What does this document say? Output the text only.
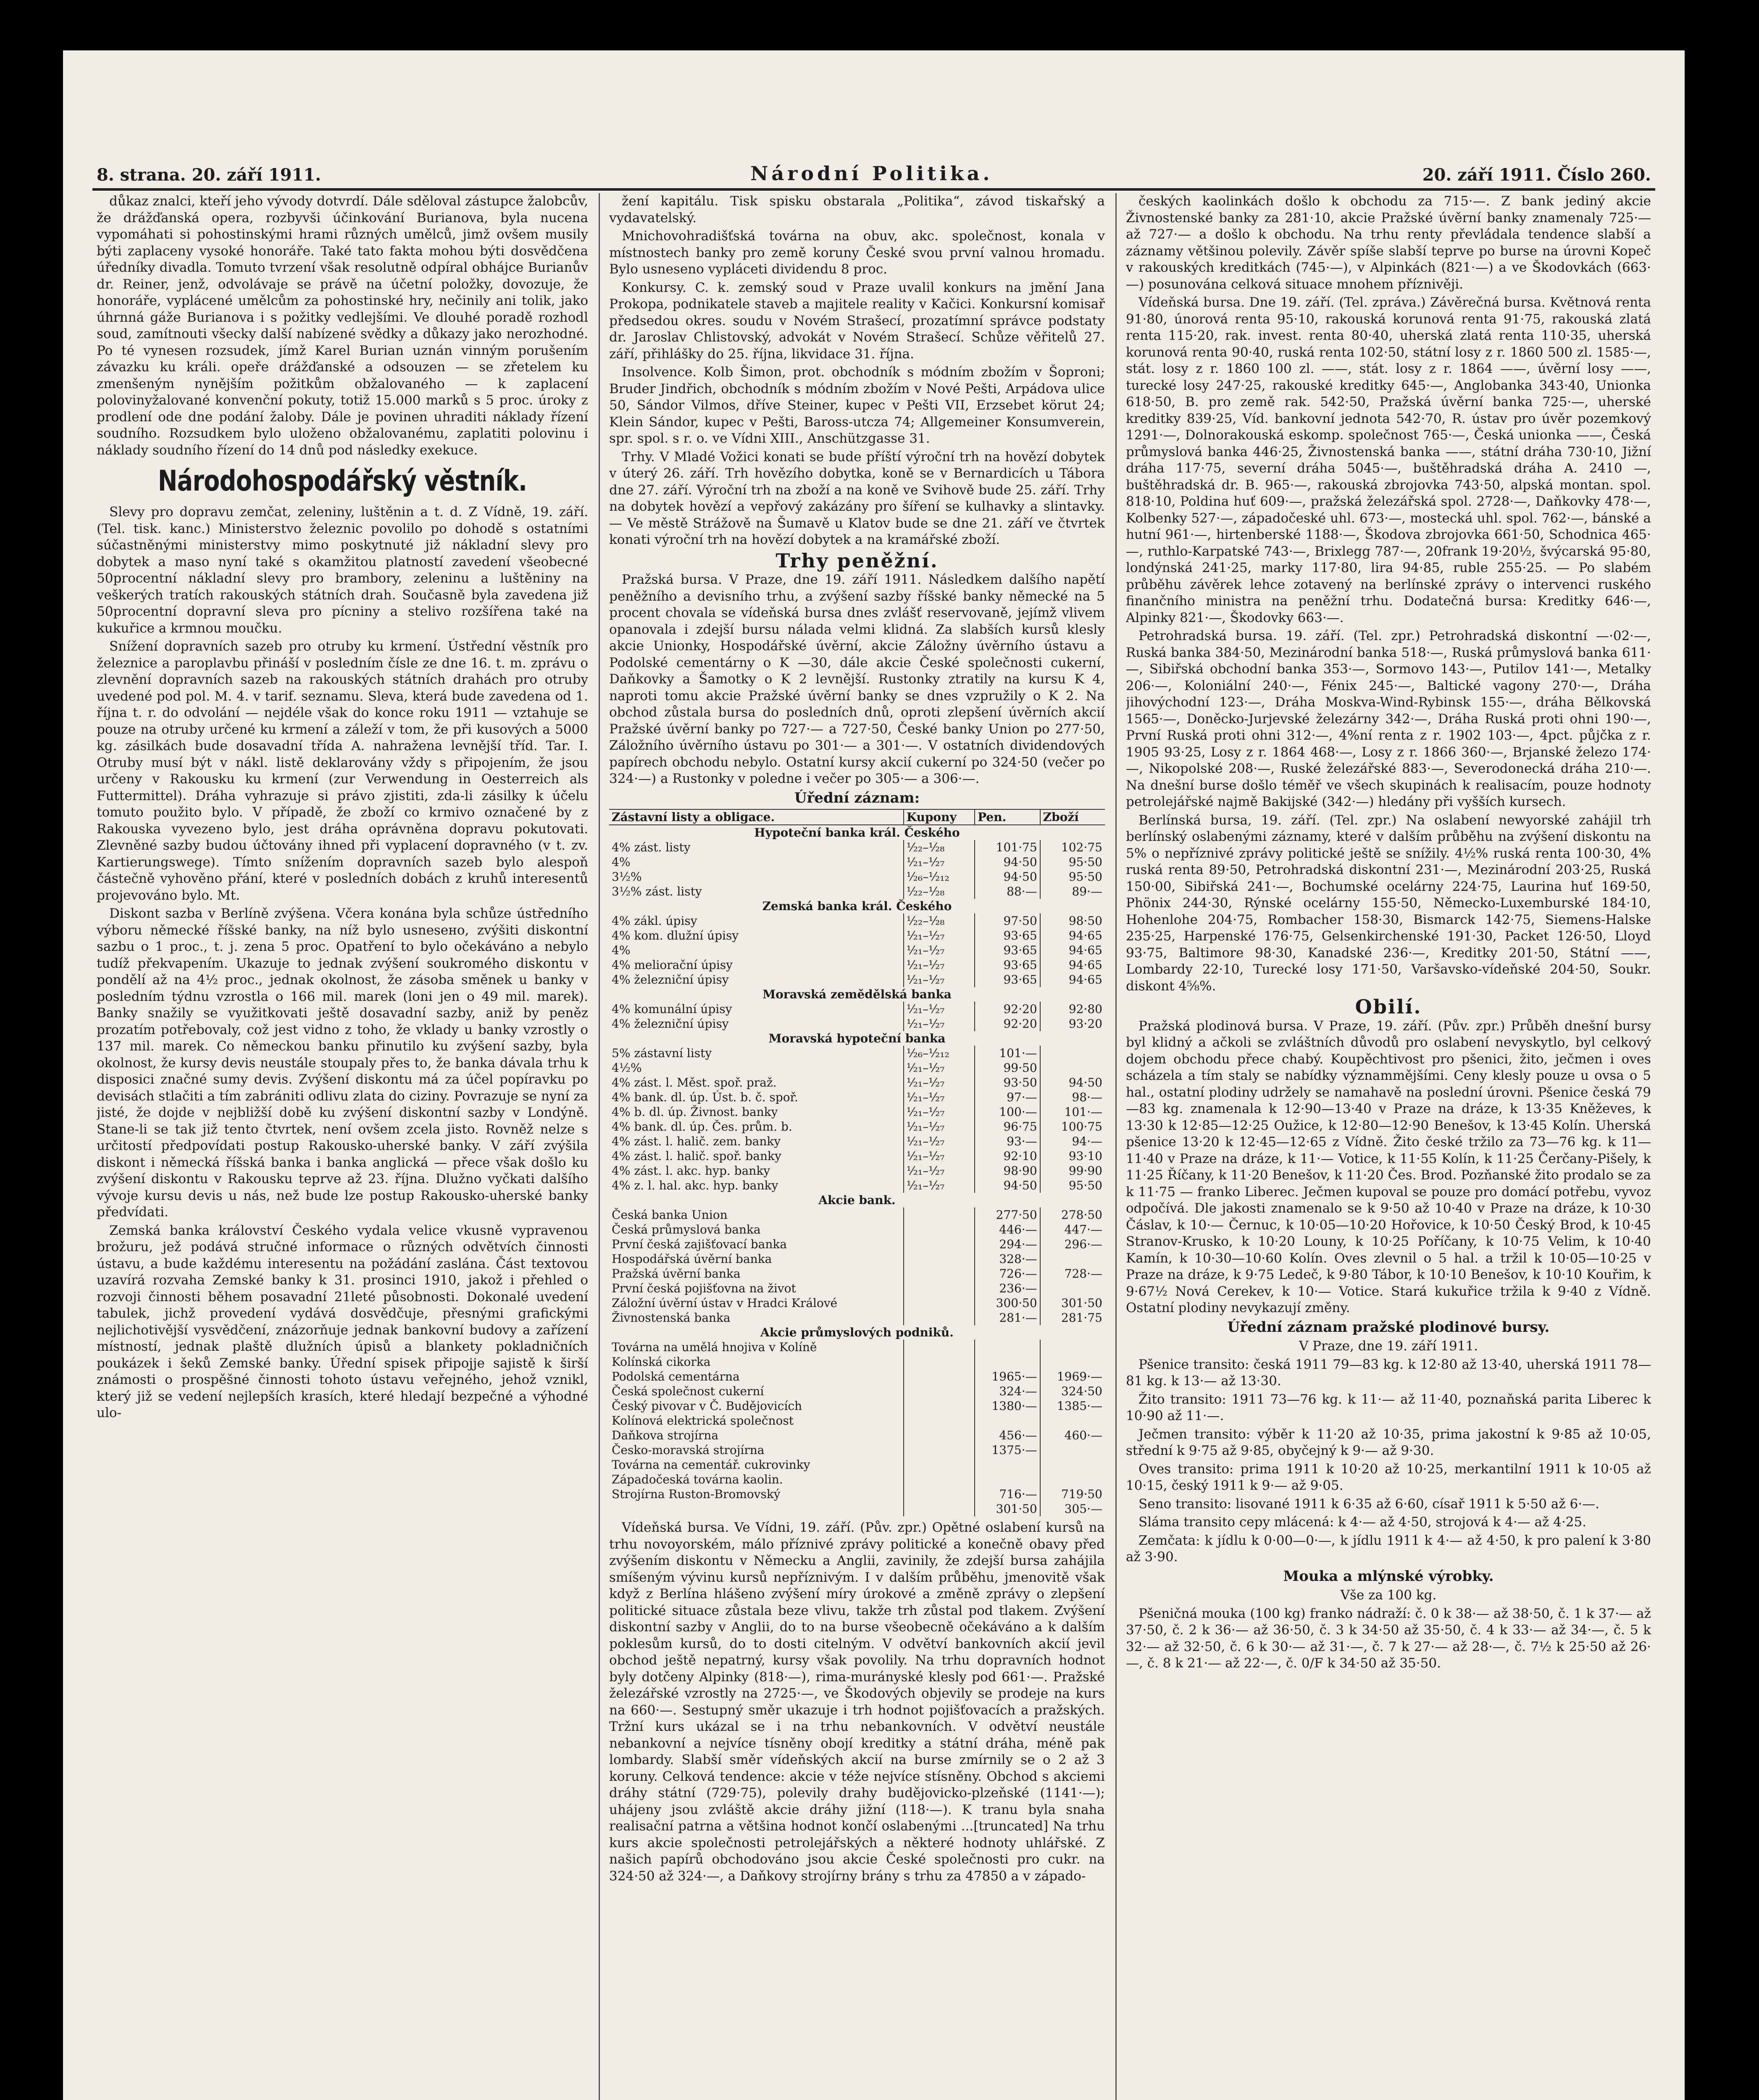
8. strana. 20. září 1911.	Národní Politika.	20. září 1911. Číslo 260.

důkaz znalci, kteří jeho vývody dotvrdí. Dále sděloval zástupce žalobcův, že drážďanská opera, rozbyvši účinkování Burianova, byla nucena vypomáhati si pohostinskými hrami různých umělců, jimž ovšem musily býti zaplaceny vysoké honoráře. Také tato fakta mohou býti dosvědčena úředníky divadla. Tomuto tvrzení však resolutně odpíral obhájce Burianův dr. Reiner, jenž, odvolávaje se právě na účetní položky, dovozuje, že honoráře, vyplácené umělcům za pohostinské hry, nečinily ani tolik, jako úhrnná gáže Burianova i s požitky vedlejšími. Ve dlouhé poradě rozhodl soud, zamítnouti všecky další nabízené svědky a důkazy jako nerozhodné. Po té vynesen rozsudek, jímž Karel Burian uznán vinným porušením závazku ku králi. opeře drážďanské a odsouzen — se zřetelem ku zmenšeným nynějším požitkům obžalovaného — k zaplacení polovinyžalované konvenční pokuty, totiž 15.000 marků s 5 proc. úroky z prodlení ode dne podání žaloby. Dále je povinen uhraditi náklady řízení soudního. Rozsudkem bylo uloženo obžalovanému, zaplatiti polovinu i náklady soudního řízení do 14 dnů pod následky exekuce.

Národohospodářský věstník.

Slevy pro dopravu zemčat, zeleniny, luštěnin a t. d. Z Vídně, 19. září. (Tel. tisk. kanc.) Ministerstvo železnic povolilo po dohodě s ostatními súčastněnými ministerstvy mimo poskytnuté již nákladní slevy pro dobytek a maso nyní také s okamžitou platností zavedení všeobecné 50procentní nákladní slevy pro brambory, zeleninu a luštěniny na veškerých tratích rakouských státních drah. Současně byla zavedena již 50procentní dopravní sleva pro pícniny a stelivo rozšířena také na kukuřice a krmnou moučku.

Snížení dopravních sazeb pro otruby ku krmení. Ústřední věstník pro železnice a paroplavbu přináší v posledním čísle ze dne 16. t. m. zprávu o zlevnění dopravních sazeb na rakouských státních drahách pro otruby uvedené pod pol. M. 4. v tarif. seznamu. Sleva, která bude zavedena od 1. října t. r. do odvolání — nejdéle však do konce roku 1911 — vztahuje se pouze na otruby určené ku krmení a záleží v tom, že při kusových a 5000 kg. zásilkách bude dosavadní třída A. nahražena levnější tříd. Tar. I. Otruby musí být v nákl. listě deklarovány vždy s připojením, že jsou určeny v Rakousku ku krmení (zur Verwendung in Oesterreich als Futtermittel). Dráha vyhrazuje si právo zjistiti, zda-li zásilky k účelu tomuto použito bylo. V případě, že zboží co krmivo označené by z Rakouska vyvezeno bylo, jest dráha oprávněna dopravu pokutovati. Zlevněné sazby budou účtovány ihned při vyplacení dopravného (v t. zv. Kartierungswege). Tímto snížením dopravních sazeb bylo alespoň částečně vyhověno přání, které v posledních dobách z kruhů interesentů projevováno bylo. Mt.

Diskont sazba v Berlíně zvýšena. Včera konána byla schůze ústředního výboru německé říšské banky, na níž bylo usnesено, zvýšiti diskontní sazbu o 1 proc., t. j. zena 5 proc. Opatření to bylo očekáváno a nebylo tudíž překvapením. Ukazuje to jednak zvýšení soukromého diskontu v pondělí až na 4½ proc., jednak okolnost, že zásoba směnek u banky v posledním týdnu vzrostla o 166 mil. marek (loni jen o 49 mil. marek). Banky snažily se využitkovati ještě dosavadní sazby, aniž by peněz prozatím potřebovaly, což jest vidno z toho, že vklady u banky vzrostly o 137 mil. marek. Co německou banku přinutilo ku zvýšení sazby, byla okolnost, že kursy devis neustále stoupaly přes to, že banka dávala trhu k disposici značné sumy devis. Zvýšení diskontu má za účel popíravku po devisách stlačiti a tím zabrániti odlivu zlata do ciziny. Povrazuje se nyní za jisté, že dojde v nejbližší době ku zvýšení diskontní sazby v Londýně. Stane-li se tak již tento čtvrtek, není ovšem zcela jisto. Rovněž nelze s určitostí předpovídati postup Rakousko-uherské banky. V září zvýšila diskont i německá říšská banka i banka anglická — přece však došlo ku zvýšení diskontu v Rakousku teprve až 23. října. Dlužno vyčkati dalšího vývoje kursu devis u nás, než bude lze postup Rakousko-uherské banky předvídati.

Zemská banka království Českého vydala velice vkusně vypravenou brožuru, jež podává stručné informace o různých odvětvích činnosti ústavu, a bude každému interesentu na požádání zaslána. Část textovou uzavírá rozvaha Zemské banky k 31. prosinci 1910, jakož i přehled o rozvoji činnosti během posavadní 21leté působnosti. Dokonalé uvedení tabulek, jichž provedení vydává dosvědčuje, přesnými grafickými nejlichotivější vysvědčení, znázorňuje jednak bankovní budovy a zařízení místností, jednak plaště dlužních úpisů a blankety pokladničních poukázek i šeků Zemské banky. Úřední spisek připojje sajistě k širší známosti o prospěšné činnosti tohoto ústavu veřejného, jehož vznikl, který již se vedení nejlepších krasích, které hledají bezpečné a výhodné ulo-

žení kapitálu. Tisk spisku obstarala „Politika“, závod tiskařský a vydavatelský.

Mnichovohradišťská továrna na obuv, akc. společnost, konala v místnostech banky pro země koruny České svou první valnou hromadu. Bylo usneseno vypláceti dividendu 8 proc.

Konkursy. C. k. zemský soud v Praze uvalil konkurs na jmění Jana Prokopa, podnikatele staveb a majitele reality v Kačici. Konkursní komisař předsedou okres. soudu v Novém Strašecí, prozatímní správce podstaty dr. Jaroslav Chlistovský, advokát v Novém Strašecí. Schůze věřitelů 27. září, přihlášky do 25. října, likvidace 31. října.

Insolvence. Kolb Šimon, prot. obchodník s módním zbožím v Šoproni; Bruder Jindřich, obchodník s módním zbožím v Nové Pešti, Arpádova ulice 50, Sándor Vilmos, dříve Steiner, kupec v Pešti VII, Erzsebet körut 24; Klein Sándor, kupec v Pešti, Baross-utcza 74; Allgemeiner Konsumverein, spr. spol. s r. o. ve Vídni XIII., Anschützgasse 31.

Trhy. V Mladé Vožici konati se bude příští výroční trh na hovězí dobytek v úterý 26. září. Trh hovězího dobytka, koně se v Bernardicích u Tábora dne 27. září. Výroční trh na zboží a na koně ve Svihově bude 25. září. Trhy na dobytek hovězí a vepřový zakázány pro šíření se kulhavky a slintavky. — Ve městě Strážově na Šumavě u Klatov bude se dne 21. září ve čtvrtek konati výroční trh na hovězí dobytek a na kramářské zboží.

Trhy peněžní.

Pražská bursa. V Praze, dne 19. září 1911. Následkem dalšího napětí peněžního a devisního trhu, a zvýšení sazby říšské banky německé na 5 procent chovala se vídeňská bursa dnes zvlášť reservovaně, jejímž vlivem opanovala i zdejší bursu nálada velmi klidná. Za slabších kursů klesly akcie Unionky, Hospodářské úvěrní, akcie Záložny úvěrního ústavu a Podolské cementárny o K —30, dále akcie České společnosti cukerní, Daňkovky a Šamotky o K 2 levnější. Rustonky ztratily na kursu K 4, naproti tomu akcie Pražské úvěrní banky se dnes vzpružily o K 2. Na obchod zůstala bursa do posledních dnů, oproti zlepšení úvěrních akcií Pražské úvěrní banky po 727·— a 727·50, České banky Union po 277·50, Záložního úvěrního ústavu po 301·— a 301·—. V ostatních dividendových papírech obchodu nebylo. Ostatní kursy akcií cukerní po 324·50 (večer po 324·—) a Rustonky v poledne i večer po 305·— a 306·—.

Úřední záznam:
Zástavní listy a obligace.	Kupony	Pen.	Zboží
Hypoteční banka král. Českého			
4% zást. listy	½₂–½₈	101·75	102·75
4%	½₁–½₇	94·50	95·50
3½%	½₆–½₁₂	94·50	95·50
3½% zást. listy	½₂–½₈	88·—	89·—
Zemská banka král. Českého			
4% zákl. úpisy	½₂–½₈	97·50	98·50
4% kom. dlužní úpisy	½₁–½₇	93·65	94·65
4%	½₁–½₇	93·65	94·65
4% meliorační úpisy	½₁–½₇	93·65	94·65
4% železniční úpisy	½₁–½₇	93·65	94·65
Moravská zemědělská banka			
4% komunální úpisy	½₁–½₇	92·20	92·80
4% železniční úpisy	½₁–½₇	92·20	93·20
Moravská hypoteční banka			
5% zástavní listy	½₆–½₁₂	101·—	
4½%	½₁–½₇	99·50	
4% zást. l. Měst. spoř. praž.	½₁–½₇	93·50	94·50
4% bank. dl. úp. Úst. b. č. spoř.	½₁–½₇	97·—	98·—
4% b. dl. úp. Živnost. banky	½₁–½₇	100·—	101·—
4% bank. dl. úp. Čes. prům. b.	½₁–½₇	96·75	100·75
4% zást. l. halič. zem. banky	½₁–½₇	93·—	94·—
4% zást. l. halič. spoř. banky	½₁–½₇	92·10	93·10
4% zást. l. akc. hyp. banky	½₁–½₇	98·90	99·90
4% z. l. hal. akc. hyp. banky	½₁–½₇	94·50	95·50
Akcie bank.			
Česká banka Union		277·50	278·50
Česká průmyslová banka		446·—	447·—
První česká zajišťovací banka		294·—	296·—
Hospodářská úvěrní banka		328·—	
Pražská úvěrní banka		726·—	728·—
První česká pojišťovna na život		236·—	
Záložní úvěrní ústav v Hradci Králové		300·50	301·50
Živnostenská banka		281·—	281·75
Akcie průmyslových podniků.			
Továrna na umělá ⁠hnojiva v Kolíně			
Kolínská cikorka			
Podolská cementárna		1965·—	1969·—
Česká společnost cukerní		324·—	324·50
Český pivovar v Č. Budějovicích		1380·—	1385·—
Kolínová elektrická společnost			
Daňkova strojírna		456·—	460·—
Česko-moravská strojírna		1375·—	
Továrna na cementář. cukrovinky			
Západočeská továrna kaolin.			
Strojírna Ruston-Bromovský		716·—	719·50
		301·50	305·—

Vídeňská bursa. Ve Vídni, 19. září. (Pův. zpr.) Opětné oslabení kursů na trhu novoyorském, málo příznivé zprávy politické a konečně obavy před zvýšením diskontu v Německu a Anglii, zavinily, že zdejší bursa zahájila smíšeným vývinu kursů nepříznivým. I v dalším průběhu, jmenovitě však když z Berlína hlášeno zvýšení míry úrokové a změně zprávy o zlepšení politické situace zůstala beze vlivu, takže trh zůstal pod tlakem. Zvýšení diskontní sazby v Anglii, do to na burse všeobecně očekáváno a k dalším poklesům kursů, do to dosti citelným. V odvětví bankovních akcií jevil obchod ještě nepatrný, kursy však povolily. Na trhu dopravních hodnot byly dotčeny Alpinky (818·—), rima-murányské klesly pod 661·—. Pražské železářské vzrostly na 2725·—, ve Škodových objevily se prodeje na kurs na 660·—. Sestupný směr ukazuje i trh hodnot pojišťovacích a pražských. Tržní kurs ukázal se i na trhu nebankovních. V odvětví neustále nebankovní a nejvíce tísněny obojí kreditky a státní dráha, méně pak lombardy. Slabší směr vídeňských akcií na burse zmírnily se o 2 až 3 koruny. Celková tendence: akcie v téže nejvíce stísněny. Obchod s akciemi dráhy státní (729·75), polevily drahy budějovicko-plzeňské (1141·—); uhájeny jsou zvláště akcie dráhy jižní (118·—). K tranu byla snaha realisační patrna a většina hodnot končí oslabenými ...[truncated] Na trhu kurs akcie společnosti petrolejářských a některé hodnoty uhlářské. Z našich papírů obchodováno jsou akcie České společnosti pro cukr. na 324·50 až 324·—, a Daňkovy strojírny brány s trhu za 47850 a v západo-

českých kaolinkách došlo k obchodu za 715·—. Z bank jediný akcie Živnostenské banky za 281·10, akcie Pražské úvěrní banky znamenaly 725·— až 727·— a došlo k obchodu. Na trhu renty převládala tendence slabší a záznamy většinou polevily. Závěr spíše slabší teprve po burse na úrovni Kopeč v rakouských kreditkách (745·—), v Alpinkách (821·—) a ve Škodovkách (663·—) posunována celková situace mnohem příznivěji.

Vídeňská bursa. Dne 19. září. (Tel. zpráva.) Závěrečná bursa. Květnová renta 91·80, únorová renta 95·10, rakouská korunová renta 91·75, rakouská zlatá renta 115·20, rak. invest. renta 80·40, uherská zlatá renta 110·35, uherská korunová renta 90·40, ruská renta 102·50, státní losy z r. 1860 500 zl. 1585·—, stát. losy z r. 1860 100 zl. ——, stát. losy z r. 1864 ——, úvěrní losy ——, turecké losy 247·25, rakouské kreditky 645·—, Anglobanka 343·40, Unionka 618·50, B. pro země rak. 542·50, Pražská úvěrní banka 725·—, uherské kreditky 839·25, Víd. bankovní jednota 542·70, R. ústav pro úvěr pozemkový 1291·—, Dolnorakouská eskomp. společnost 765·—, Česká unionka ——, Česká průmyslová banka 446·25, Živnostenská banka ——, státní dráha 730·10, Jižní dráha 117·75, severní dráha 5045·—, buštěhradská dráha A. 2410 —, buštěhradská dr. B. 965·—, rakouská zbrojovka 743·50, alpská montan. spol. 818·10, Poldina huť 609·—, pražská železářská spol. 2728·—, Daňkovky 478·—, Kolbenky 527·—, západočeské uhl. 673·—, mostecká uhl. spol. 762·—, bánské a hutní 961·—, hirtenberské 1188·—, Škodova zbrojovka 661·50, Schodnica 465·—, ruthlo-Karpatské 743·—, Brixlegg 787·—, 20frank 19·20½, švýcarská 95·80, londýnská 241·25, marky 117·80, lira 94·85, ruble 255·25. — Po slabém průběhu závěrek lehce zotavený na berlínské zprávy o intervenci ruského finančního ministra na peněžní trhu. Dodatečná bursa: Kreditky 646·—, Alpinky 821·—, Škodovky 663·—.

Petrohradská bursa. 19. září. (Tel. zpr.) Petrohradská diskontní —·02·—, Ruská banka 384·50, Mezinárodní banka 518·—, Ruská průmyslová banka 611·—, Sibiřská obchodní banka 353·—, Sormovo 143·—, Putilov 141·—, Metalky 206·—, Koloniální 240·—, Fénix 245·—, Baltické vagony 270·—, Dráha jihovýchodní 123·—, Dráha Moskva-Wind-Rybinsk 155·—, dráha Bělkovská 1565·—, Doněcko-Jurjevské železárny 342·—, Dráha Ruská proti ohni 190·—, První Ruská proti ohni 312·—, 4%ní renta z r. 1902 103·—, 4pct. půjčka z r. 1905 93·25, Losy z r. 1864 468·—, Losy z r. 1866 360·—, Brjanské železo 174·—, Nikopolské 208·—, Ruské železářské 883·—, Severodonecká dráha 210·—. Na dnešní burse došlo téměř ve všech skupinách k realisacím, pouze hodnoty petrolejářské najmě Bakijské (342·—) hledány při vyšších kursech.

Berlínská bursa, 19. září. (Tel. zpr.) Na oslabení newyorské zahájil trh berlínský oslabenými záznamy, které v dalším průběhu na zvýšení diskontu na 5% o nepříznivé zprávy politické ještě se snížily. 4½% ruská renta 100·30, 4% ruská renta 89·50, Petrohradská diskontní 231·—, Mezinárodní 203·25, Ruská 150·00, Sibiřská 241·—, Bochumské ocelárny 224·75, Laurina huť 169·50, Phönix 244·30, Rýnské ocelárny 155·50, Německo-Luxemburské 184·10, Hohenlohe 204·75, Rombacher 158·30, Bismarck 142·75, Siemens-Halske 235·25, Harpenské 176·75, Gelsenkirchenské 191·30, Packet 126·50, Lloyd 93·75, Baltimore 98·30, Kanadské 236·—, Kreditky 201·50, Státní ——, Lombardy 22·10, Turecké losy 171·50, Varšavsko-vídeňské 204·50, Soukr. diskont 4⅝%.

Obilí.

Pražská plodinová bursa. V Praze, 19. září. (Pův. zpr.) Průběh dnešní bursy byl klidný a ačkoli se zvláštních důvodů pro oslabení nevyskytlo, byl celkový dojem obchodu přece chabý. Koupěchtivost pro pšenici, žito, ječmen i oves scházela a tím staly se nabídky význammějšími. Ceny klesly pouze u ovsa o 5 hal., ostatní plodiny udržely se namahavě na poslední úrovni. Pšenice česká 79—83 kg. znamenala k 12·90—13·40 v Praze na dráze, k 13·35 Kněževes, k 13·30 k 12·85—12·25 Oužice, k 12·80—12·90 Benešov, k 13·45 Kolín. Uherská pšenice 13·20 k 12·45—12·65 z Vídně. Žito české tržilo za 73—76 kg. k 11—11·40 v Praze na dráze, k 11·— Votice, k 11·55 Kolín, k 11·25 Čerčany-Pišely, k 11·25 Říčany, k 11·20 Benešov, k 11·20 Čes. Brod. Pozňanské žito prodalo se za k 11·75 — franko Liberec. Ječmen kupoval se pouze pro domácí potřebu, vyvoz odpočívá. Dle jakosti znamenalo se k 9·50 až 10·40 v Praze na dráze, k 10·30 Čáslav, k 10·— Černuc, k 10·05—10·20 Hořovice, k 10·50 Český Brod, k 10·45 Stranov-Krusko, k 10·20 Louny, k 10·25 Poříčany, k 10·75 Velim, k 10·40 Kamín, k 10·30—10·60 Kolín. Oves zlevnil o 5 hal. a tržil k 10·05—10·25 v Praze na dráze, k 9·75 Ledeč, k 9·80 Tábor, k 10·10 Benešov, k 10·10 Kouřim, k 9·67½ Nová Cerekev, k 10·— Votice. Stará kukuřice tržila k 9·40 z Vídně. Ostatní plodiny nevykazují změny.

Úřední záznam pražské plodinové bursy.

V Praze, dne 19. září 1911.

Pšenice transito: česká 1911 79—83 kg. k 12·80 až 13·40, uherská 1911 78—81 kg. k 13·— až 13·30.

Žito transito: 1911 73—76 kg. k 11·— až 11·40, poznaňská parita Liberec k 10·90 až 11·—.

Ječmen transito: výběr k 11·20 až 10·35, prima jakostní k 9·85 až 10·05, střední k 9·75 až 9·85, obyčejný k 9·— až 9·30.

Oves transito: prima 1911 k 10·20 až 10·25, merkantilní 1911 k 10·05 až 10·15, český 1911 k 9·— až 9·05.

Seno transito: lisované 1911 k 6·35 až 6·60, císař 1911 k 5·50 až 6·—.

Sláma transito cepy mlácená: k 4·— až 4·50, strojová k 4·— až 4·25.

Zemčata: k jídlu k 0·00—0·—, k jídlu 1911 k 4·— až 4·50, k pro palení k 3·80 až 3·90.

Mouka a mlýnské výrobky.

Vše za 100 kg.

Pšeničná mouka (100 kg) franko nádraží: č. 0 k 38·— až 38·50, č. 1 k 37·— až 37·50, č. 2 k 36·— až 36·50, č. 3 k 34·50 až 35·50, č. 4 k 33·— až 34·—, č. 5 k 32·— až 32·50, č. 6 k 30·— až 31·—, č. 7 k 27·— až 28·—, č. 7½ k 25·50 až 26·—, č. 8 k 21·— až 22·—, č. 0/F k 34·50 až 35·50.
